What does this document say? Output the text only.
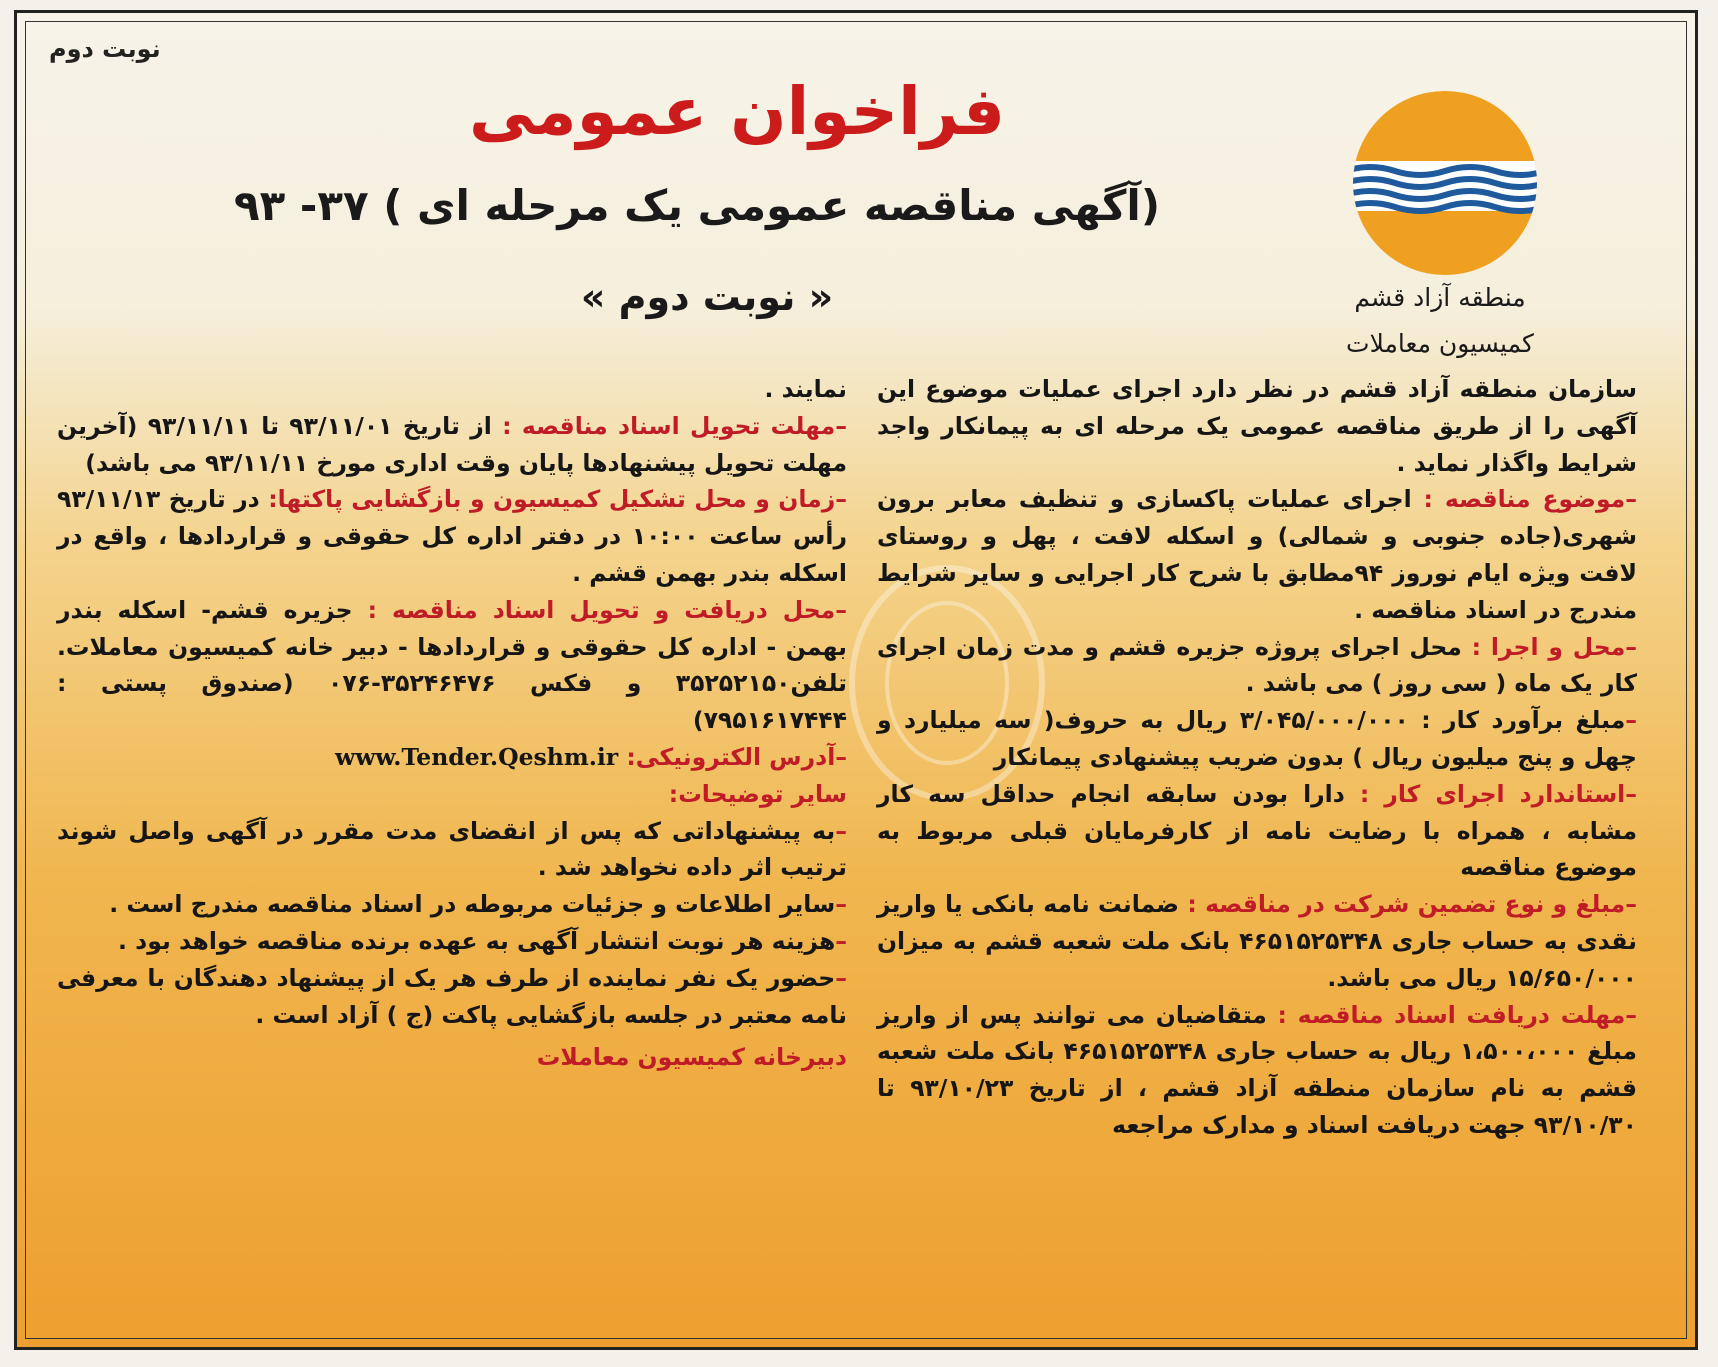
نوبت دوم
فراخوان عمومی
(آگهی مناقصه عمومی یک مرحله ای ) ۳۷- ۹۳
« نوبت دوم »	منطقه آزاد قشم
کمیسیون معاملات

سازمان منطقه آزاد قشم در نظر دارد اجرای عملیات موضوع این آگهی را از طریق مناقصه عمومی یک مرحله ای به پیمانکار واجد شرایط واگذار نماید .

– موضوع مناقصه : اجرای عملیات پاکسازی و تنظیف معابر برون شهری(جاده جنوبی و شمالی) و اسکله لافت ، پهل و روستای لافت ویژه ایام نوروز ۹۴مطابق با شرح کار اجرایی و سایر شرایط مندرج در اسناد مناقصه .

– محل و اجرا : محل اجرای پروژه جزیره قشم و مدت زمان اجرای کار یک ماه ( سی روز ) می باشد .

– مبلغ برآورد کار : ۳/۰۴۵/۰۰۰/۰۰۰ ریال به حروف( سه میلیارد و چهل و پنج میلیون ریال ) بدون ضریب پیشنهادی پیمانکار

– استاندارد اجرای کار : دارا بودن سابقه انجام حداقل سه کار مشابه ، همراه با رضایت نامه از کارفرمایان قبلی مربوط به موضوع مناقصه

– مبلغ و نوع تضمین شرکت در مناقصه : ضمانت نامه بانکی یا واریز نقدی به حساب جاری ۴۶۵۱۵۲۵۳۴۸ بانک ملت شعبه قشم به میزان ۱۵/۶۵۰/۰۰۰ ریال می باشد.

– مهلت دریافت اسناد مناقصه : متقاضیان می توانند پس از واریز مبلغ ۱،۵۰۰،۰۰۰ ریال به حساب جاری ۴۶۵۱۵۲۵۳۴۸ بانک ملت شعبه قشم به نام سازمان منطقه آزاد قشم ، از تاریخ ۹۳/۱۰/۲۳ تا ۹۳/۱۰/۳۰ جهت دریافت اسناد و مدارک مراجعه

نمایند .

– مهلت تحویل اسناد مناقصه : از تاریخ ۹۳/۱۱/۰۱ تا ۹۳/۱۱/۱۱ (آخرین مهلت تحویل پیشنهادها پایان وقت اداری مورخ ۹۳/۱۱/۱۱ می باشد)

– زمان و محل تشکیل کمیسیون و بازگشایی پاکتها: در تاریخ ۹۳/۱۱/۱۳ رأس ساعت ۱۰:۰۰ در دفتر اداره کل حقوقی و قراردادها ، واقع در اسکله بندر بهمن قشم .

– محل دریافت و تحویل اسناد مناقصه : جزیره قشم- اسکله بندر بهمن - اداره کل حقوقی و قراردادها - دبیر خانه کمیسیون معاملات. تلفن۳۵۲۵۲۱۵۰ و فکس ۳۵۲۴۶۴۷۶-۰۷۶ (صندوق پستی : ۷۹۵۱۶۱۷۴۴۴)

– آدرس الکترونیکی: www.Tender.Qeshm.ir

سایر توضیحات:

– به پیشنهاداتی که پس از انقضای مدت مقرر در آگهی واصل شوند ترتیب اثر داده نخواهد شد .

– سایر اطلاعات و جزئیات مربوطه در اسناد مناقصه مندرج است .

– هزینه هر نوبت انتشار آگهی به عهده برنده مناقصه خواهد بود .

– حضور یک نفر نماینده از طرف هر یک از پیشنهاد دهندگان با معرفی نامه معتبر در جلسه بازگشایی پاکت (ج ) آزاد است .

دبیرخانه کمیسیون معاملات
